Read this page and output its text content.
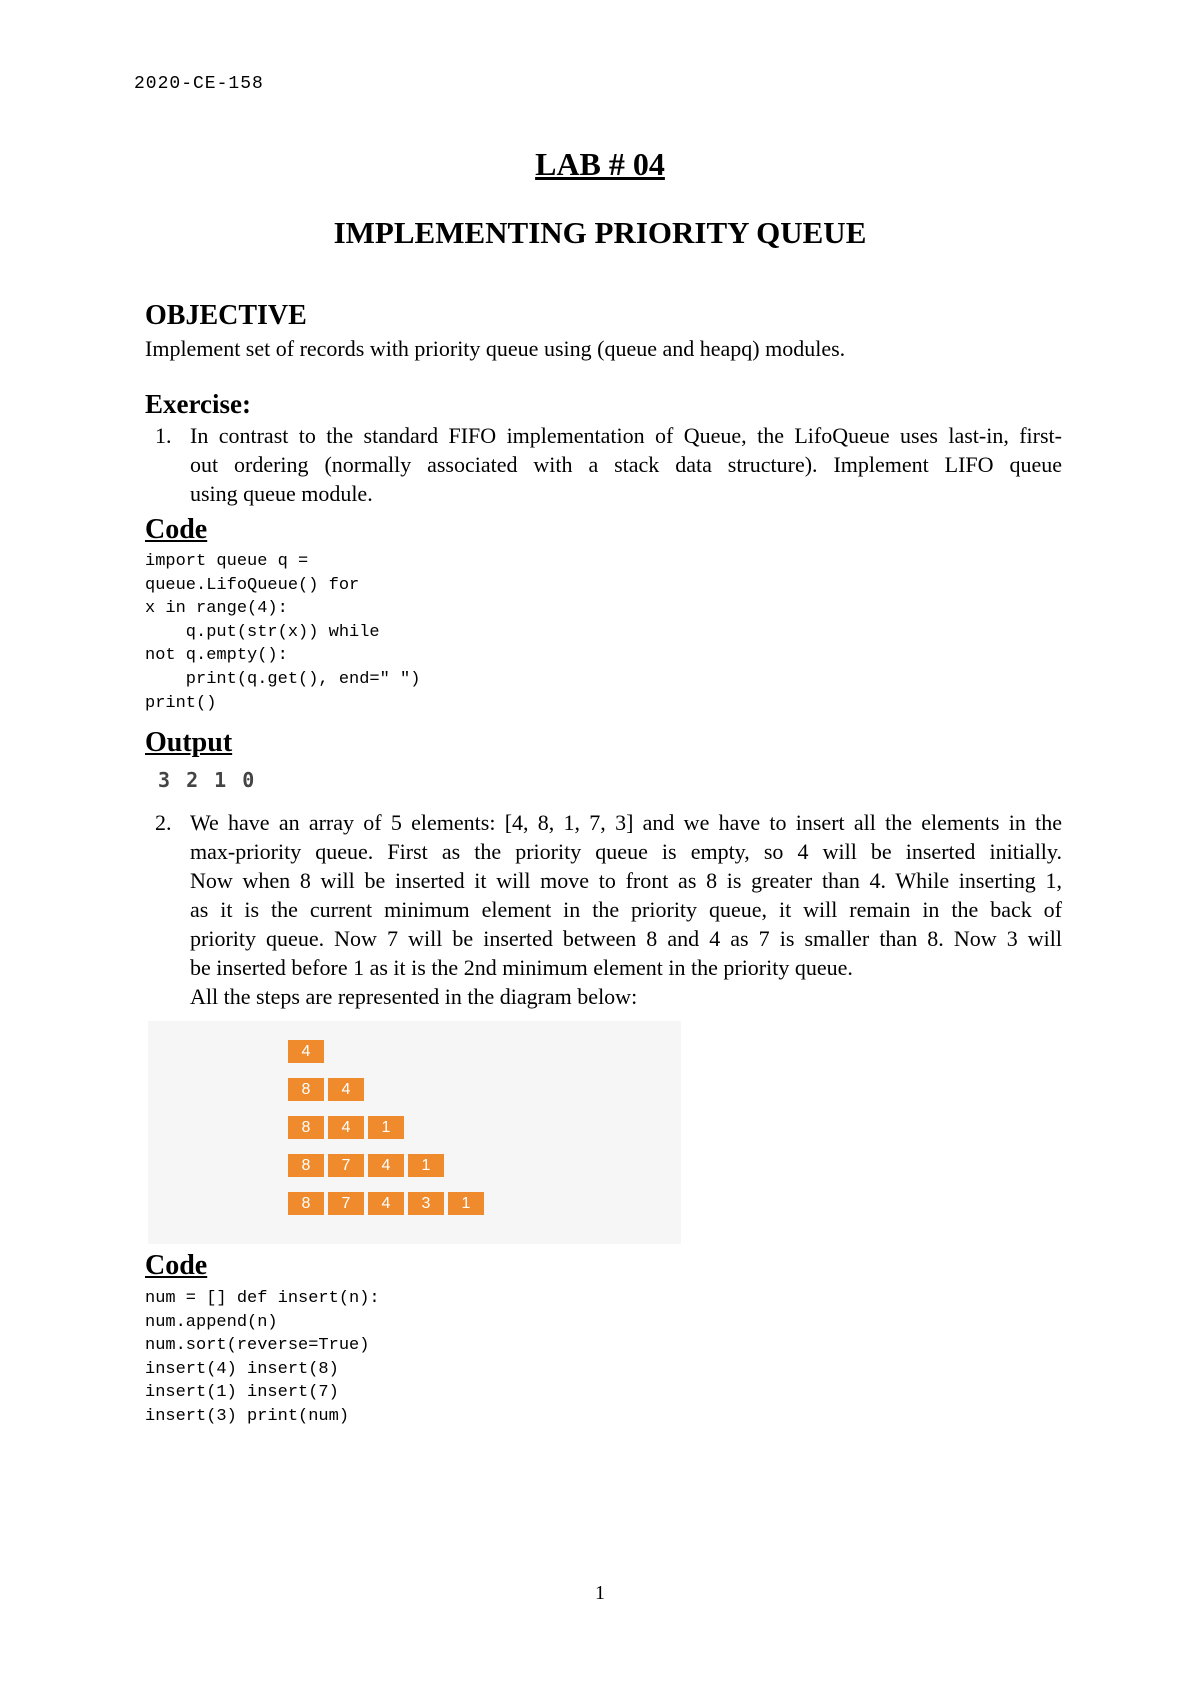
2020-CE-158
LAB # 04
IMPLEMENTING PRIORITY QUEUE
OBJECTIVE
Implement set of records with priority queue using (queue and heapq) modules.
Exercise:
1. In contrast to the standard FIFO implementation of Queue, the LifoQueue uses last-in, first-
out ordering (normally associated with a stack data structure). Implement LIFO queue
using queue module.
Code
import queue q =
queue.LifoQueue() for
x in range(4):
q.put(str(x)) while
not q.empty():
print(q.get(), end=" ")
print()
Output
3 2 1 0
2. We have an array of 5 elements: [4, 8, 1, 7, 3] and we have to insert all the elements in the
max-priority queue. First as the priority queue is empty, so 4 will be inserted initially.
Now when 8 will be inserted it will move to front as 8 is greater than 4. While inserting 1,
as it is the current minimum element in the priority queue, it will remain in the back of
priority queue. Now 7 will be inserted between 8 and 4 as 7 is smaller than 8. Now 3 will
be inserted before 1 as it is the 2nd minimum element in the priority queue.
All the steps are represented in the diagram below:
4
8	4
8	4	1
8	7	4	1
8	7	4	3	1
Code
num = [] def insert(n):
num.append(n)
num.sort(reverse=True)
insert(4) insert(8)
insert(1) insert(7)
insert(3) print(num)
1
